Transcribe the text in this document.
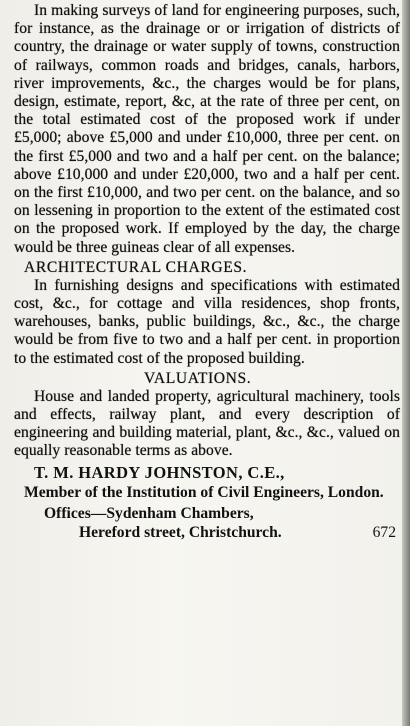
In making surveys of land for engineering purposes, such, for instance, as the drainage or or irrigation of districts of country, the drainage or water supply of towns, construction of railways, common roads and bridges, canals, harbors, river improvements, &c., the charges would be for plans, design, estimate, report, &c, at the rate of three per cent, on the total estimated cost of the proposed work if under £5,000; above £5,000 and under £10,000, three per cent. on the first £5,000 and two and a half per cent. on the balance; above £10,000 and under £20,000, two and a half per cent. on the first £10,000, and two per cent. on the balance, and so on lessening in proportion to the extent of the estimated cost on the proposed work. If employed by the day, the charge would be three guineas clear of all expenses.

ARCHITECTURAL CHARGES.

In furnishing designs and specifications with estimated cost, &c., for cottage and villa residences, shop fronts, warehouses, banks, public buildings, &c., &c., the charge would be from five to two and a half per cent. in proportion to the estimated cost of the proposed building.

VALUATIONS.

House and landed property, agricultural machinery, tools and effects, railway plant, and every description of engineering and building material, plant, &c., &c., valued on equally reasonable terms as above.

T. M. HARDY JOHNSTON, C.E.,

Member of the Institution of Civil Engineers, London.

Offices—Sydenham Chambers,

Hereford street, Christchurch.	672
